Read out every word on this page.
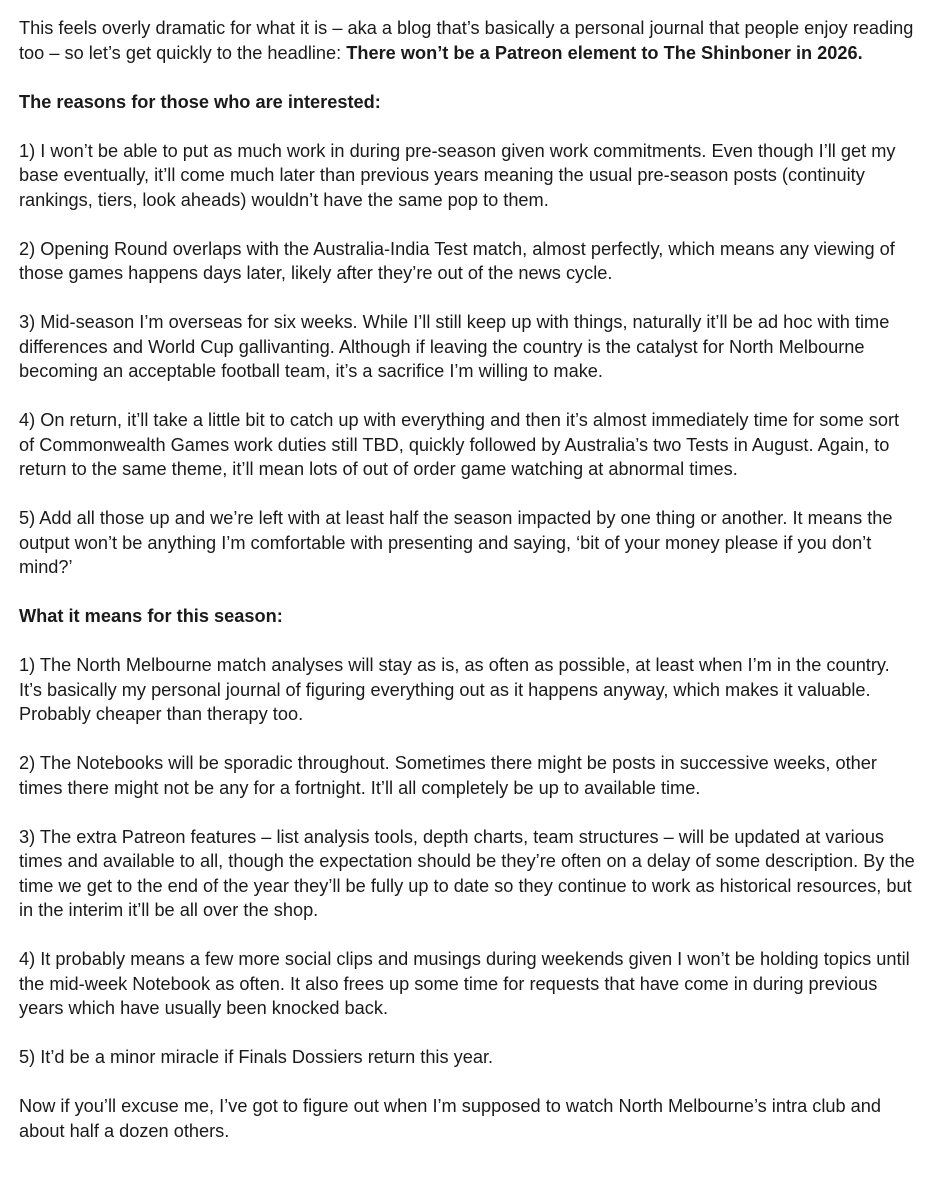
This feels overly dramatic for what it is – aka a blog that’s basically a personal journal that people enjoy reading too – so let’s get quickly to the headline: There won’t be a Patreon element to The Shinboner in 2026.

The reasons for those who are interested:

1) I won’t be able to put as much work in during pre-season given work commitments. Even though I’ll get my base eventually, it’ll come much later than previous years meaning the usual pre-season posts (continuity rankings, tiers, look aheads) wouldn’t have the same pop to them.

2) Opening Round overlaps with the Australia-India Test match, almost perfectly, which means any viewing of those games happens days later, likely after they’re out of the news cycle.

3) Mid-season I’m overseas for six weeks. While I’ll still keep up with things, naturally it’ll be ad hoc with time differences and World Cup gallivanting. Although if leaving the country is the catalyst for North Melbourne becoming an acceptable football team, it’s a sacrifice I’m willing to make.

4) On return, it’ll take a little bit to catch up with everything and then it’s almost immediately time for some sort of Commonwealth Games work duties still TBD, quickly followed by Australia’s two Tests in August. Again, to return to the same theme, it’ll mean lots of out of order game watching at abnormal times.

5) Add all those up and we’re left with at least half the season impacted by one thing or another. It means the output won’t be anything I’m comfortable with presenting and saying, ‘bit of your money please if you don’t mind?’

What it means for this season:

1) The North Melbourne match analyses will stay as is, as often as possible, at least when I’m in the country. It’s basically my personal journal of figuring everything out as it happens anyway, which makes it valuable. Probably cheaper than therapy too.

2) The Notebooks will be sporadic throughout. Sometimes there might be posts in successive weeks, other times there might not be any for a fortnight. It’ll all completely be up to available time.

3) The extra Patreon features – list analysis tools, depth charts, team structures – will be updated at various times and available to all, though the expectation should be they’re often on a delay of some description. By the time we get to the end of the year they’ll be fully up to date so they continue to work as historical resources, but in the interim it’ll be all over the shop.

4) It probably means a few more social clips and musings during weekends given I won’t be holding topics until the mid-week Notebook as often. It also frees up some time for requests that have come in during previous years which have usually been knocked back.

5) It’d be a minor miracle if Finals Dossiers return this year.

Now if you’ll excuse me, I’ve got to figure out when I’m supposed to watch North Melbourne’s intra club and about half a dozen others.
